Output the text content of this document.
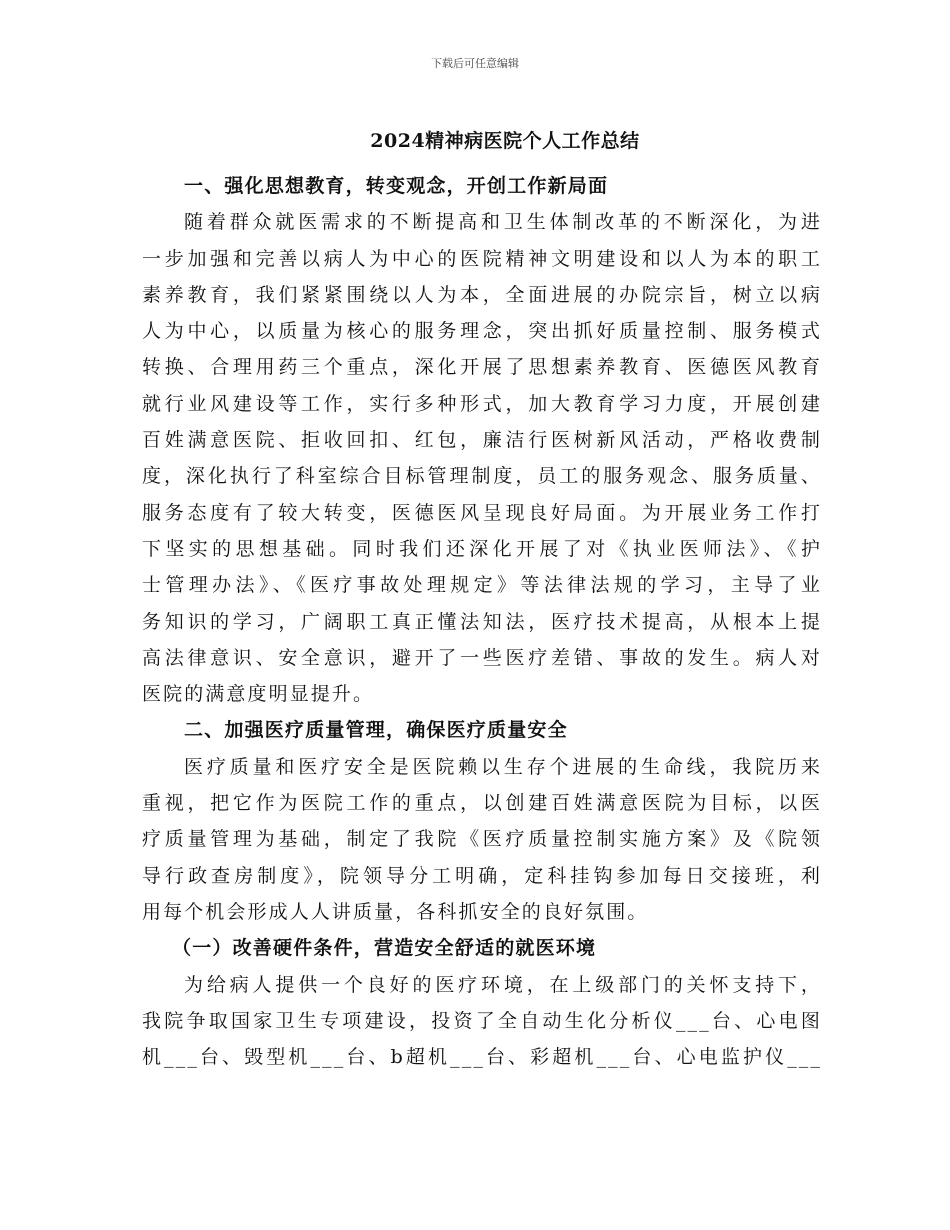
下载后可任意编辑
2024精神病医院个人工作总结
一、强化思想教育，转变观念，开创工作新局面
随着群众就医需求的不断提高和卫生体制改革的不断深化，为进
一步加强和完善以病人为中心的医院精神文明建设和以人为本的职工
素养教育，我们紧紧围绕以人为本，全面进展的办院宗旨，树立以病
人为中心，以质量为核心的服务理念，突出抓好质量控制、服务模式
转换、合理用药三个重点，深化开展了思想素养教育、医德医风教育
就行业风建设等工作，实行多种形式，加大教育学习力度，开展创建
百姓满意医院、拒收回扣、红包，廉洁行医树新风活动，严格收费制
度，深化执行了科室综合目标管理制度，员工的服务观念、服务质量、
服务态度有了较大转变，医德医风呈现良好局面。为开展业务工作打
下坚实的思想基础。同时我们还深化开展了对《执业医师法》、《护
士管理办法》、《医疗事故处理规定》等法律法规的学习，主导了业
务知识的学习，广阔职工真正懂法知法，医疗技术提高，从根本上提
高法律意识、安全意识，避开了一些医疗差错、事故的发生。病人对
医院的满意度明显提升。
二、加强医疗质量管理，确保医疗质量安全
医疗质量和医疗安全是医院赖以生存个进展的生命线，我院历来
重视，把它作为医院工作的重点，以创建百姓满意医院为目标，以医
疗质量管理为基础，制定了我院《医疗质量控制实施方案》及《院领
导行政查房制度》，院领导分工明确，定科挂钩参加每日交接班，利
用每个机会形成人人讲质量，各科抓安全的良好氛围。
（一）改善硬件条件，营造安全舒适的就医环境
为给病人提供一个良好的医疗环境，在上级部门的关怀支持下，
我院争取国家卫生专项建设，投资了全自动生化分析仪___台、心电图
机___台、毁型机___台、b超机___台、彩超机___台、心电监护仪___
